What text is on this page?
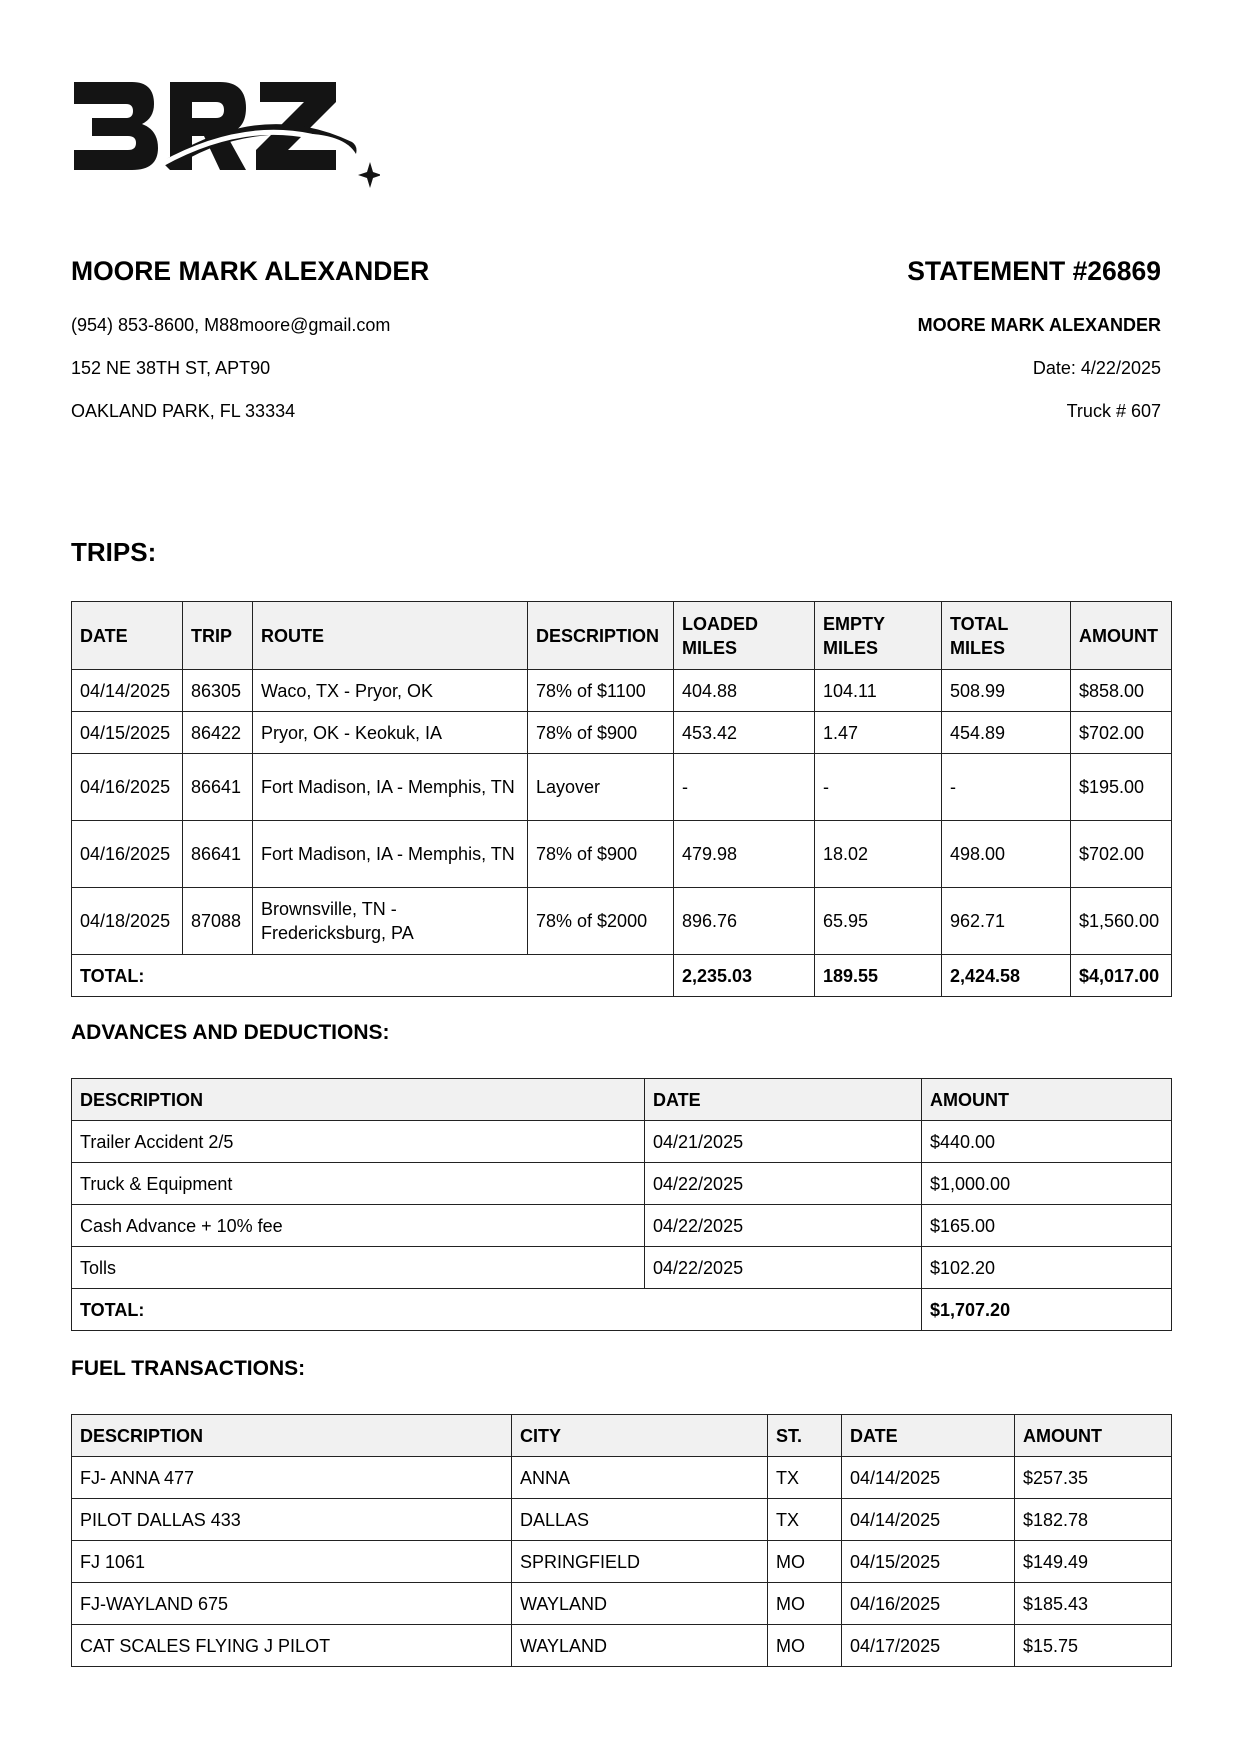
MOORE MARK ALEXANDER
(954) 853-8600, M88moore@gmail.com
152 NE 38TH ST, APT90
OAKLAND PARK, FL 33334
STATEMENT #26869
MOORE MARK ALEXANDER
Date: 4/22/2025
Truck # 607
TRIPS:
DATE	TRIP	ROUTE	DESCRIPTION	LOADED MILES	EMPTY MILES	TOTAL MILES	AMOUNT
04/14/2025	86305	Waco, TX - Pryor, OK	78% of $1100	404.88	104.11	508.99	$858.00
04/15/2025	86422	Pryor, OK - Keokuk, IA	78% of $900	453.42	1.47	454.89	$702.00
04/16/2025	86641	Fort Madison, IA - Memphis, TN	Layover	-	-	-	$195.00
04/16/2025	86641	Fort Madison, IA - Memphis, TN	78% of $900	479.98	18.02	498.00	$702.00
04/18/2025	87088	Brownsville, TN - Fredericksburg, PA	78% of $2000	896.76	65.95	962.71	$1,560.00
TOTAL:				2,235.03	189.55	2,424.58	$4,017.00
ADVANCES AND DEDUCTIONS:
DESCRIPTION	DATE	AMOUNT
Trailer Accident 2/5	04/21/2025	$440.00
Truck & Equipment	04/22/2025	$1,000.00
Cash Advance + 10% fee	04/22/2025	$165.00
Tolls	04/22/2025	$102.20
TOTAL:		$1,707.20
FUEL TRANSACTIONS:
DESCRIPTION	CITY	ST.	DATE	AMOUNT
FJ- ANNA 477	ANNA	TX	04/14/2025	$257.35
PILOT DALLAS 433	DALLAS	TX	04/14/2025	$182.78
FJ 1061	SPRINGFIELD	MO	04/15/2025	$149.49
FJ-WAYLAND 675	WAYLAND	MO	04/16/2025	$185.43
CAT SCALES FLYING J PILOT	WAYLAND	MO	04/17/2025	$15.75
